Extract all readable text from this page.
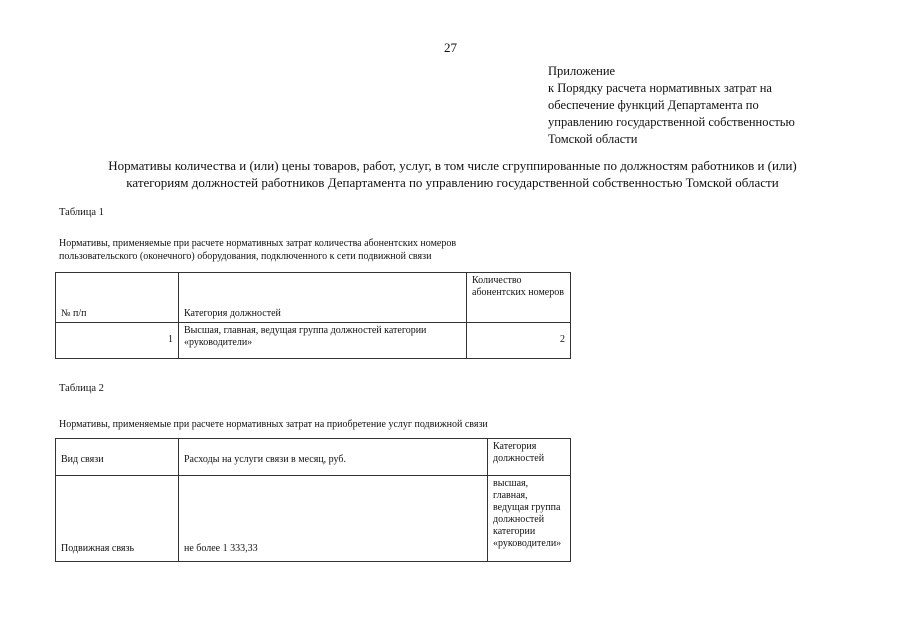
27
Приложение
к Порядку расчета нормативных затрат на
обеспечение функций Департамента по
управлению государственной собственностью
Томской области
Нормативы количества и (или) цены товаров, работ, услуг, в том числе сгруппированные по должностям работников и (или)
категориям должностей работников Департамента по управлению государственной собственностью Томской области
Таблица 1
Нормативы, применяемые при расчете нормативных затрат количества абонентских номеров
пользовательского (оконечного) оборудования, подключенного к сети подвижной связи
№ п/п	Категория должностей	Количество абонентских номеров
1	Высшая, главная, ведущая группа должностей категории «руководители»	2
Таблица 2
Нормативы, применяемые при расчете нормативных затрат на приобретение услуг подвижной связи
Вид связи	Расходы на услуги связи в месяц, руб.	Категория должностей
Подвижная связь	не более 1 333,33	высшая, главная, ведущая группа должностей категории «руководители»
